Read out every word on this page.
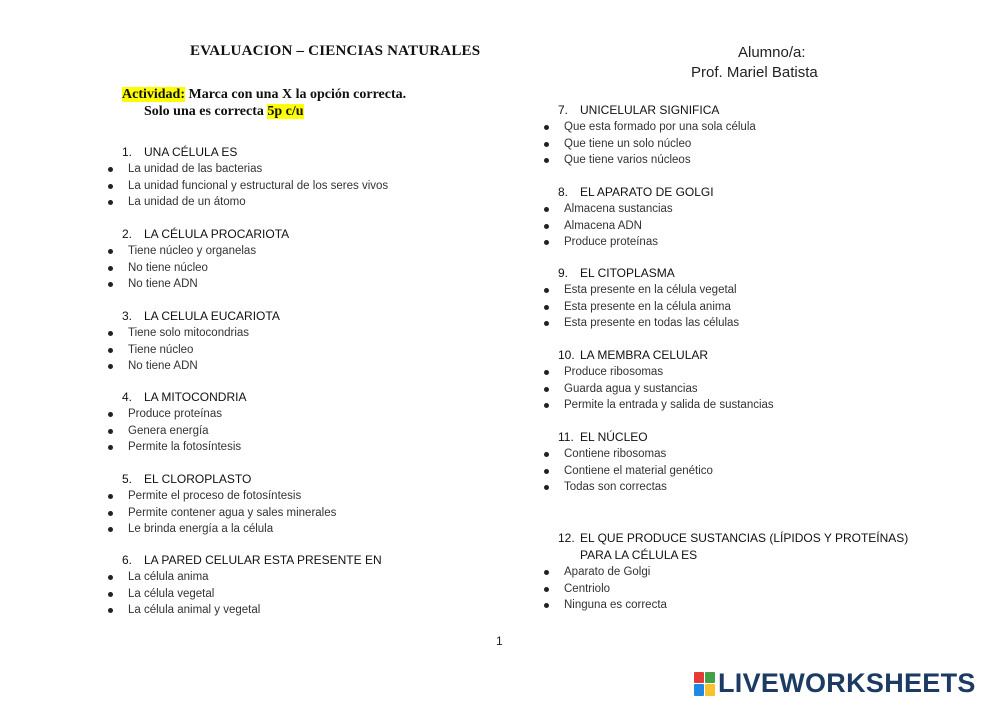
EVALUACION – CIENCIAS NATURALES	Alumno/a:
Prof. Mariel Batista
Actividad: Marca con una X la opción correcta.
Solo una es correcta 5p c/u
1. UNA CÉLULA ES
La unidad de las bacterias
La unidad funcional y estructural de los seres vivos
La unidad de un átomo
2. LA CÉLULA PROCARIOTA
Tiene núcleo y organelas
No tiene núcleo
No tiene ADN
3. LA CELULA EUCARIOTA
Tiene solo mitocondrias
Tiene núcleo
No tiene ADN
4. LA MITOCONDRIA
Produce proteínas
Genera energía
Permite la fotosíntesis
5. EL CLOROPLASTO
Permite el proceso de fotosíntesis
Permite contener agua y sales minerales
Le brinda energía a la célula
6. LA PARED CELULAR ESTA PRESENTE EN
La célula anima
La célula vegetal
La célula animal y vegetal
7. UNICELULAR SIGNIFICA
Que esta formado por una sola célula
Que tiene un solo núcleo
Que tiene varios núcleos
8. EL APARATO DE GOLGI
Almacena sustancias
Almacena ADN
Produce proteínas
9. EL CITOPLASMA
Esta presente en la célula vegetal
Esta presente en la célula anima
Esta presente en todas las células
10. LA MEMBRA CELULAR
Produce ribosomas
Guarda agua y sustancias
Permite la entrada y salida de sustancias
11. EL NÚCLEO
Contiene ribosomas
Contiene el material genético
Todas son correctas
12. EL QUE PRODUCE SUSTANCIAS (LÍPIDOS Y PROTEÍNAS) PARA LA CÉLULA ES
Aparato de Golgi
Centriolo
Ninguna es correcta
1
LIVEWORKSHEETS
